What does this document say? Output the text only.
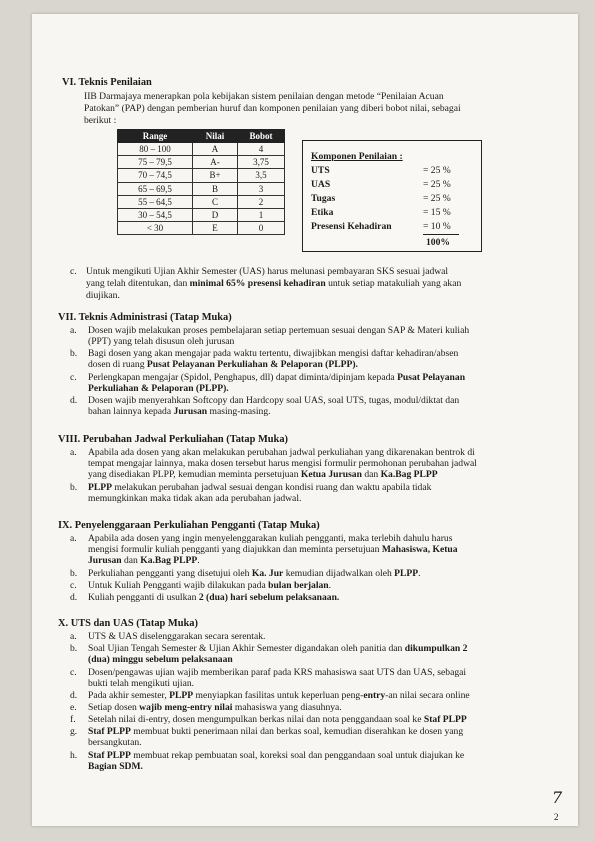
VI. Teknis Penilaian
IIB Darmajaya menerapkan pola kebijakan sistem penilaian dengan metode “Penilaian Acuan
Patokan” (PAP) dengan pemberian huruf dan komponen penilaian yang diberi bobot nilai, sebagai
berikut :
Range	Nilai	Bobot
80 – 100	A	4
75 – 79,5	A-	3,75
70 – 74,5	B+	3,5
65 – 69,5	B	3
55 – 64,5	C	2
30 – 54,5	D	1
< 30	E	0
Komponen Penilaian :
UTS	= 25 %
UAS	= 25 %
Tugas	= 25 %
Etika	= 15 %
Presensi Kehadiran	= 10 %
100%
c. Untuk mengikuti Ujian Akhir Semester (UAS) harus melunasi pembayaran SKS sesuai jadwal
yang telah ditentukan, dan minimal 65% presensi kehadiran untuk setiap matakuliah yang akan
diujikan.
VII. Teknis Administrasi (Tatap Muka)
a. Dosen wajib melakukan proses pembelajaran setiap pertemuan sesuai dengan SAP & Materi kuliah
(PPT) yang telah disusun oleh jurusan
b. Bagi dosen yang akan mengajar pada waktu tertentu, diwajibkan mengisi daftar kehadiran/absen
dosen di ruang Pusat Pelayanan Perkuliahan & Pelaporan (PLPP).
c. Perlengkapan mengajar (Spidol, Penghapus, dll) dapat diminta/dipinjam kepada Pusat Pelayanan
Perkuliahan & Pelaporan (PLPP).
d. Dosen wajib menyerahkan Softcopy dan Hardcopy soal UAS, soal UTS, tugas, modul/diktat dan
bahan lainnya kepada Jurusan masing-masing.
VIII. Perubahan Jadwal Perkuliahan (Tatap Muka)
a. Apabila ada dosen yang akan melakukan perubahan jadwal perkuliahan yang dikarenakan bentrok di
tempat mengajar lainnya, maka dosen tersebut harus mengisi formulir permohonan perubahan jadwal
yang disediakan PLPP, kemudian meminta persetujuan Ketua Jurusan dan Ka.Bag PLPP
b. PLPP melakukan perubahan jadwal sesuai dengan kondisi ruang dan waktu apabila tidak
memungkinkan maka tidak akan ada perubahan jadwal.
IX. Penyelenggaraan Perkuliahan Pengganti (Tatap Muka)
a. Apabila ada dosen yang ingin menyelenggarakan kuliah pengganti, maka terlebih dahulu harus
mengisi formulir kuliah pengganti yang diajukkan dan meminta persetujuan Mahasiswa, Ketua
Jurusan dan Ka.Bag PLPP.
b. Perkuliahan pengganti yang disetujui oleh Ka. Jur kemudian dijadwalkan oleh PLPP.
c. Untuk Kuliah Pengganti wajib dilakukan pada bulan berjalan.
d. Kuliah pengganti di usulkan 2 (dua) hari sebelum pelaksanaan.
X. UTS dan UAS (Tatap Muka)
a. UTS & UAS diselenggarakan secara serentak.
b. Soal Ujian Tengah Semester & Ujian Akhir Semester digandakan oleh panitia dan dikumpulkan 2
(dua) minggu sebelum pelaksanaan
c. Dosen/pengawas ujian wajib memberikan paraf pada KRS mahasiswa saat UTS dan UAS, sebagai
bukti telah mengikuti ujian.
d. Pada akhir semester, PLPP menyiapkan fasilitas untuk keperluan peng-entry-an nilai secara online
e. Setiap dosen wajib meng-entry nilai mahasiswa yang diasuhnya.
f. Setelah nilai di-entry, dosen mengumpulkan berkas nilai dan nota penggandaan soal ke Staf PLPP
g. Staf PLPP membuat bukti penerimaan nilai dan berkas soal, kemudian diserahkan ke dosen yang
bersangkutan.
h. Staf PLPP membuat rekap pembuatan soal, koreksi soal dan penggandaan soal untuk diajukan ke
Bagian SDM.
7
2
